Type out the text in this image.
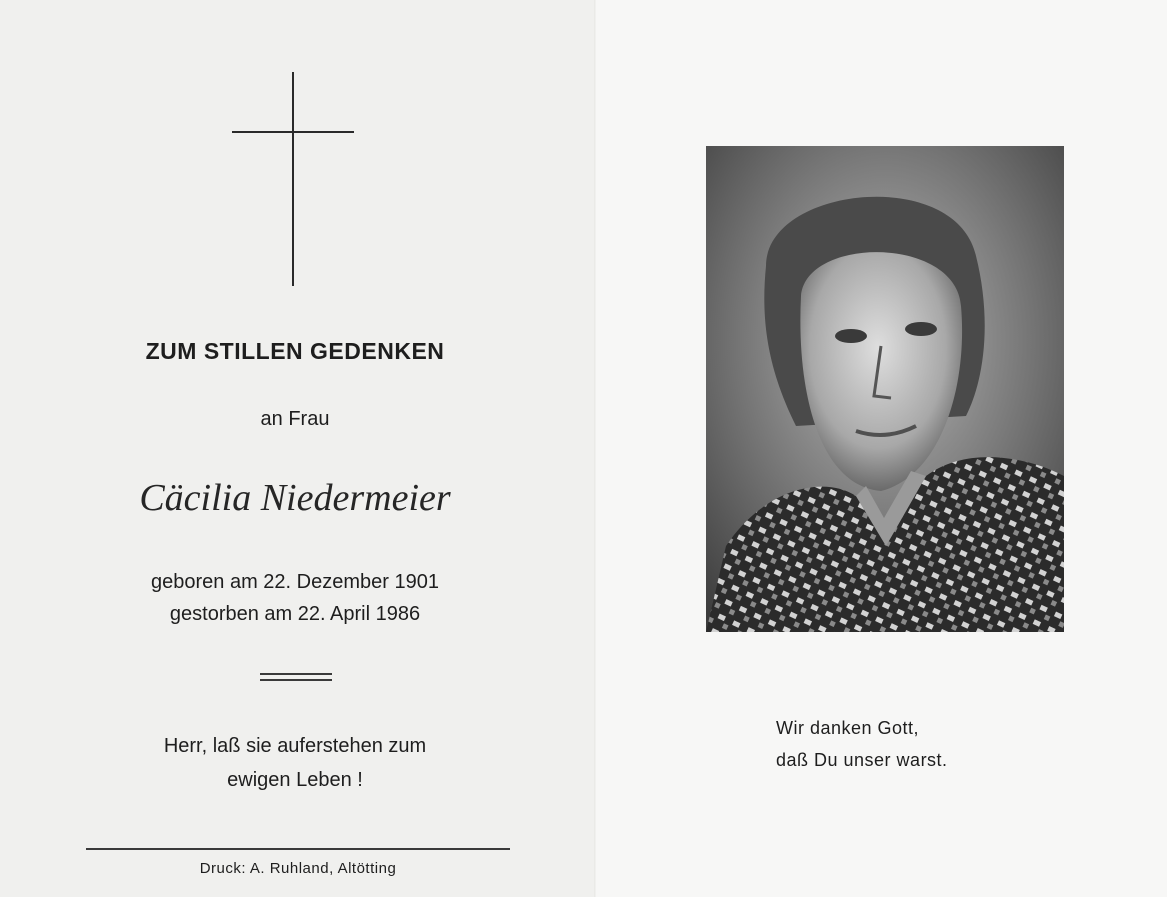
ZUM STILLEN GEDENKEN
an Frau
Cäcilia Niedermeier
geboren am 22. Dezember 1901
gestorben am 22. April 1986
Herr, laß sie auferstehen zum
ewigen Leben !
Druck: A. Ruhland, Altötting
Wir danken Gott,
daß Du unser warst.
